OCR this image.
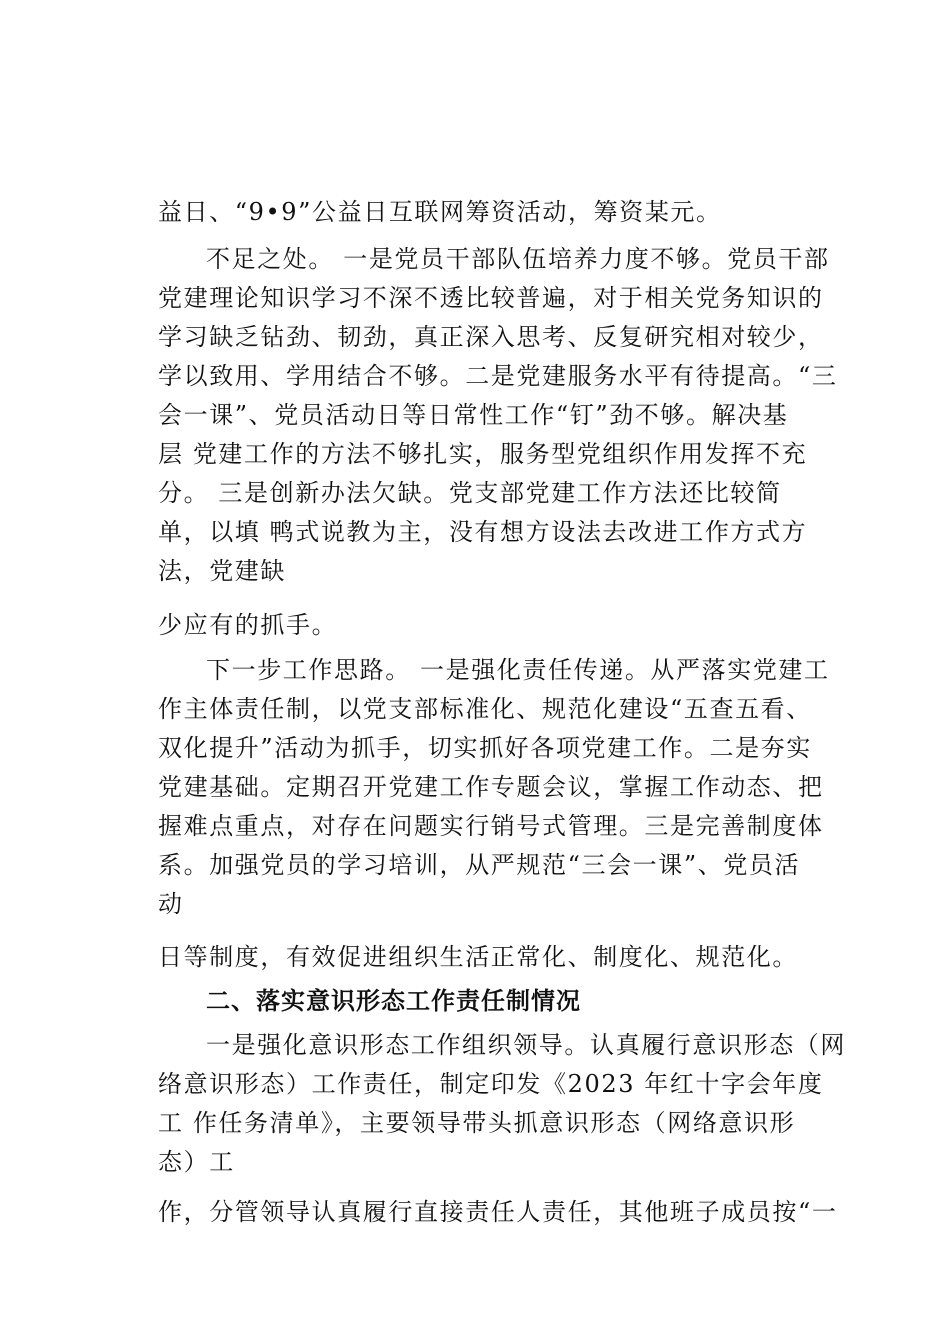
益日、“9•9”公益日互联网筹资活动，筹资某元。
不足之处。 一是党员干部队伍培养力度不够。党员干部
党建理论知识学习不深不透比较普遍，对于相关党务知识的
学习缺乏钻劲、韧劲，真正深入思考、反复研究相对较少，
学以致用、学用结合不够。二是党建服务水平有待提高。“三
会一课”、党员活动日等日常性工作“钉”劲不够。解决基
层 党建工作的方法不够扎实，服务型党组织作用发挥不充
分。 三是创新办法欠缺。党支部党建工作方法还比较简
单，以填 鸭式说教为主，没有想方设法去改进工作方式方
法，党建缺
少应有的抓手。
下一步工作思路。 一是强化责任传递。从严落实党建工
作主体责任制，以党支部标准化、规范化建设“五查五看、
双化提升”活动为抓手，切实抓好各项党建工作。二是夯实
党建基础。定期召开党建工作专题会议，掌握工作动态、把
握难点重点，对存在问题实行销号式管理。三是完善制度体
系。加强党员的学习培训，从严规范“三会一课”、党员活
动
日等制度，有效促进组织生活正常化、制度化、规范化。
二、落实意识形态工作责任制情况
一是强化意识形态工作组织领导。认真履行意识形态（网
络意识形态）工作责任，制定印发《2023 年红十字会年度
工 作任务清单》，主要领导带头抓意识形态（网络意识形
态）工
作，分管领导认真履行直接责任人责任，其他班子成员按“一
